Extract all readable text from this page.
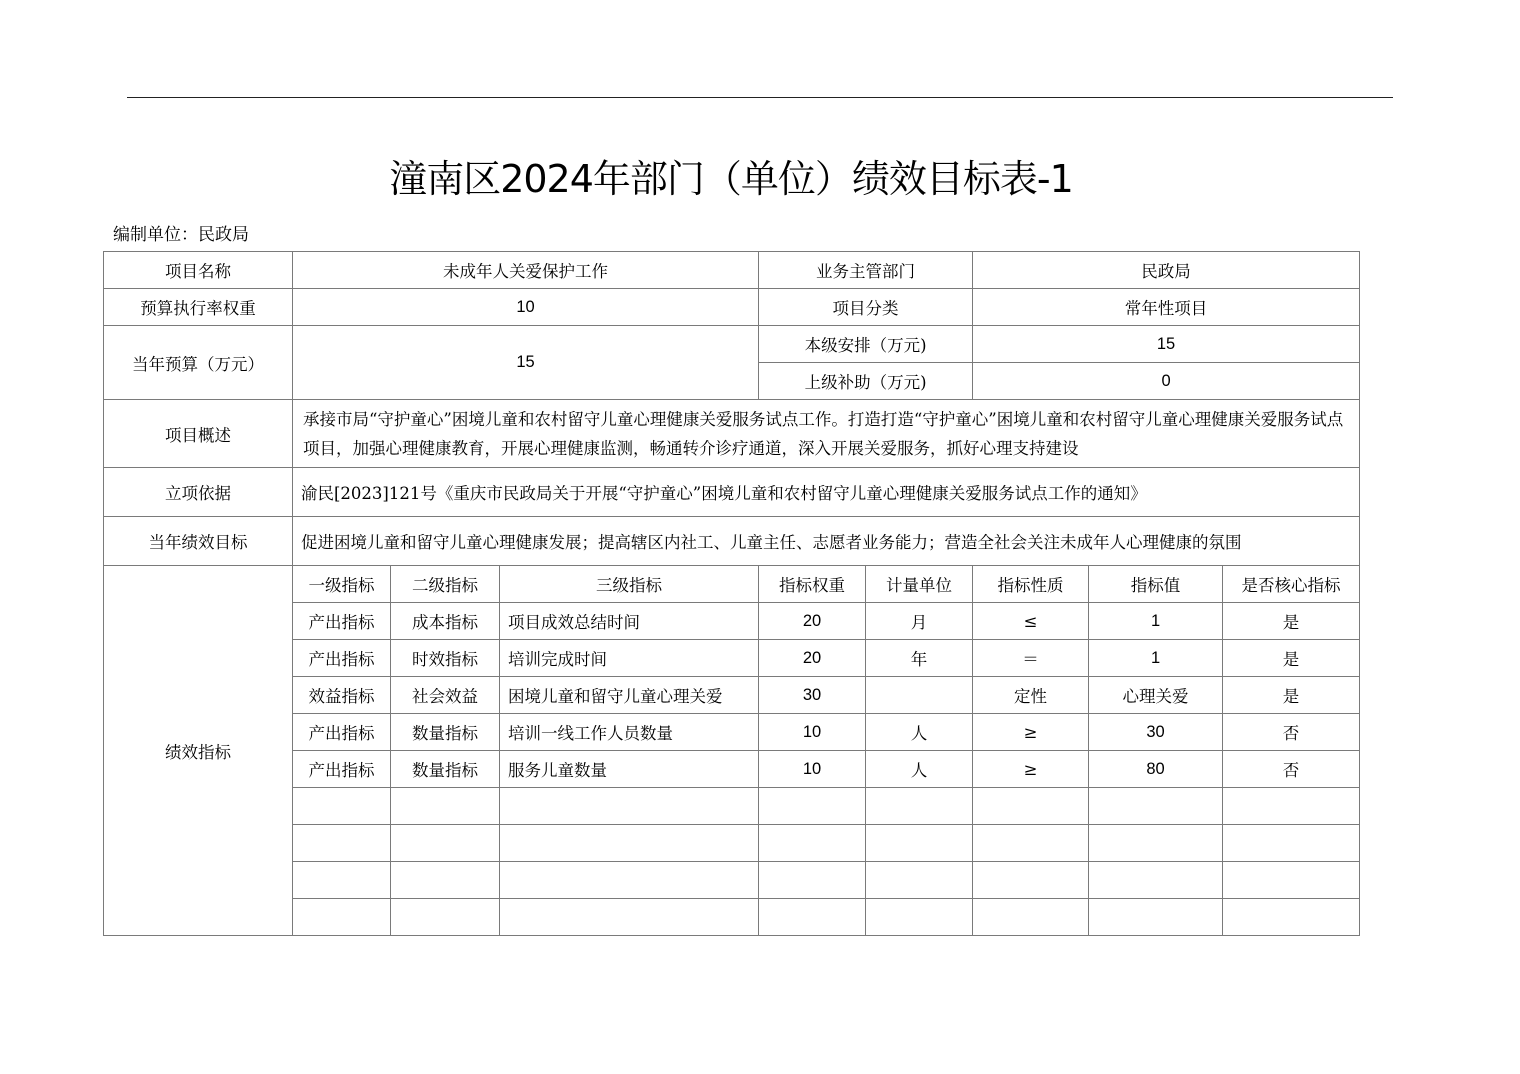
潼南区2024年部门（单位）绩效目标表-1
编制单位：民政局
项目名称	未成年人关爱保护工作			业务主管部门		民政局		
预算执行率权重	10			项目分类		常年性项目		
当年预算（万元）	15			本级安排（万元)		15		
				上级补助（万元)		0		
项目概述	承接市局“守护童心”困境儿童和农村留守儿童心理健康关爱服务试点工作。打造打造“守护童心”困境儿童和农村留守儿童心理健康关爱服务试点项目，加强心理健康教育，开展心理健康监测，畅通转介诊疗通道，深入开展关爱服务，抓好心理支持建设							
立项依据	渝民[2023]121号《重庆市民政局关于开展“守护童心”困境儿童和农村留守儿童心理健康关爱服务试点工作的通知》							
当年绩效目标	促进困境儿童和留守儿童心理健康发展；提高辖区内社工、儿童主任、志愿者业务能力；营造全社会关注未成年人心理健康的氛围							
绩效指标	一级指标	二级指标	三级指标	指标权重	计量单位	指标性质	指标值	是否核心指标
	产出指标	成本指标	项目成效总结时间	20	月	≤	1	是
	产出指标	时效指标	培训完成时间	20	年	＝	1	是
	效益指标	社会效益	困境儿童和留守儿童心理关爱	30		定性	心理关爱	是
	产出指标	数量指标	培训一线工作人员数量	10	人	≥	30	否
	产出指标	数量指标	服务儿童数量	10	人	≥	80	否
